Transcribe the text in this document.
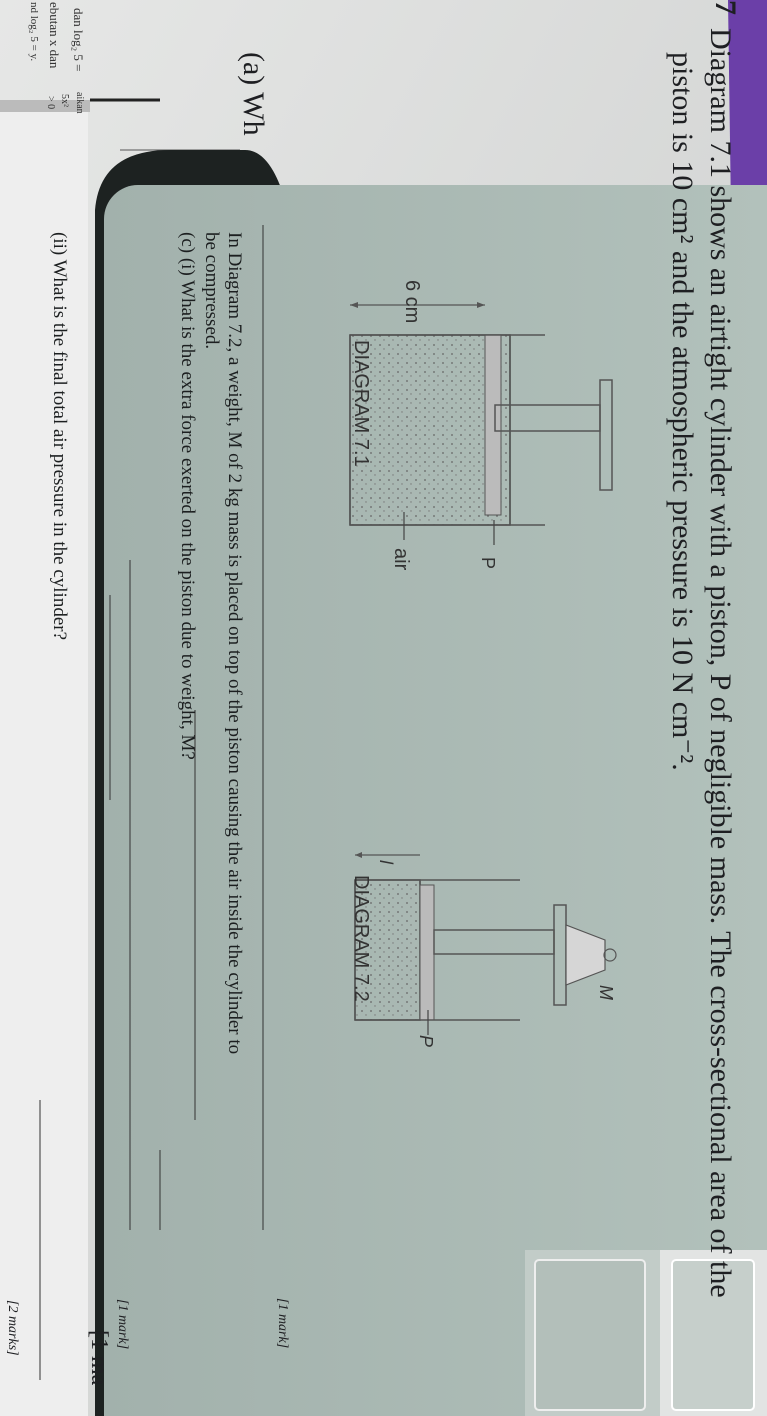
P
air
6 cm
DIAGRAM 7.1
M
P
l
DIAGRAM 7.2
7
Diagram 7.1 shows an airtight cylinder with a piston, P of negligible mass. The cross-sectional area of the
piston is 10 cm² and the atmospheric pressure is 10 N cm⁻².
(a) Wh
[1 ma
[1 mark]
In Diagram 7.2, a weight, M of 2 kg mass is placed on top of the piston causing the air inside the cylinder to
be compressed.
(c) (i) What is the extra force exerted on the piston due to weight, M?
[1 mark]
(ii) What is the final total air pressure in the cylinder?
[2 marks]
dan log₂ 5 =
ebutan x dan
nd log₂ 5 = y.
aikan
5x²
> 0
